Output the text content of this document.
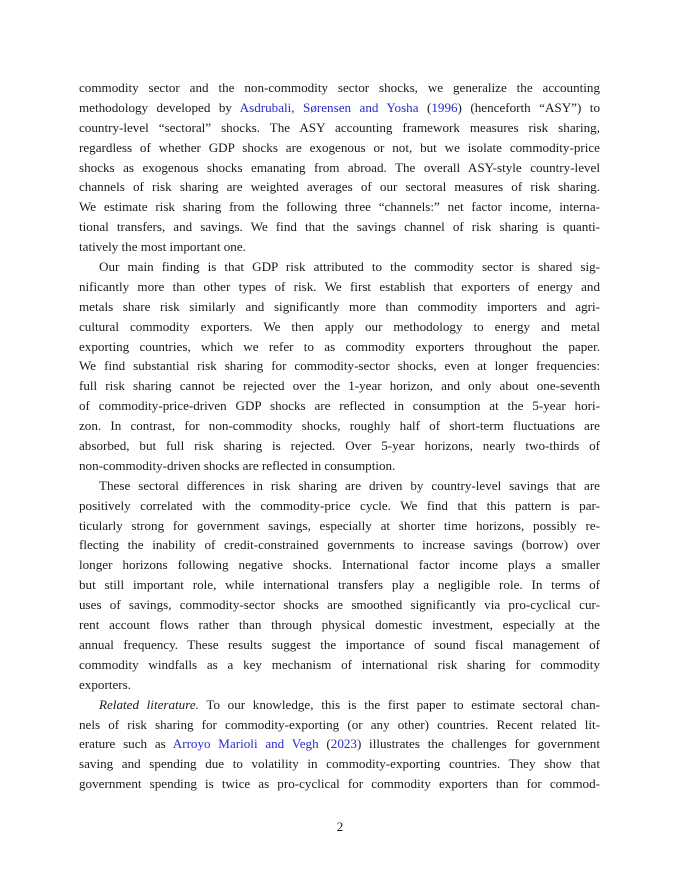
commodity sector and the non-commodity sector shocks, we generalize the accounting
methodology developed by Asdrubali, Sørensen and Yosha (1996) (henceforth “ASY”) to
country-level “sectoral” shocks. The ASY accounting framework measures risk sharing,
regardless of whether GDP shocks are exogenous or not, but we isolate commodity-price
shocks as exogenous shocks emanating from abroad. The overall ASY-style country-level
channels of risk sharing are weighted averages of our sectoral measures of risk sharing.
We estimate risk sharing from the following three “channels:” net factor income, interna-
tional transfers, and savings. We find that the savings channel of risk sharing is quanti-
tatively the most important one.
Our main finding is that GDP risk attributed to the commodity sector is shared sig-
nificantly more than other types of risk. We first establish that exporters of energy and
metals share risk similarly and significantly more than commodity importers and agri-
cultural commodity exporters. We then apply our methodology to energy and metal
exporting countries, which we refer to as commodity exporters throughout the paper.
We find substantial risk sharing for commodity-sector shocks, even at longer frequencies:
full risk sharing cannot be rejected over the 1-year horizon, and only about one-seventh
of commodity-price-driven GDP shocks are reflected in consumption at the 5-year hori-
zon. In contrast, for non-commodity shocks, roughly half of short-term fluctuations are
absorbed, but full risk sharing is rejected. Over 5-year horizons, nearly two-thirds of
non-commodity-driven shocks are reflected in consumption.
These sectoral differences in risk sharing are driven by country-level savings that are
positively correlated with the commodity-price cycle. We find that this pattern is par-
ticularly strong for government savings, especially at shorter time horizons, possibly re-
flecting the inability of credit-constrained governments to increase savings (borrow) over
longer horizons following negative shocks. International factor income plays a smaller
but still important role, while international transfers play a negligible role. In terms of
uses of savings, commodity-sector shocks are smoothed significantly via pro-cyclical cur-
rent account flows rather than through physical domestic investment, especially at the
annual frequency. These results suggest the importance of sound fiscal management of
commodity windfalls as a key mechanism of international risk sharing for commodity
exporters.
Related literature. To our knowledge, this is the first paper to estimate sectoral chan-
nels of risk sharing for commodity-exporting (or any other) countries. Recent related lit-
erature such as Arroyo Marioli and Vegh (2023) illustrates the challenges for government
saving and spending due to volatility in commodity-exporting countries. They show that
government spending is twice as pro-cyclical for commodity exporters than for commod-
2
